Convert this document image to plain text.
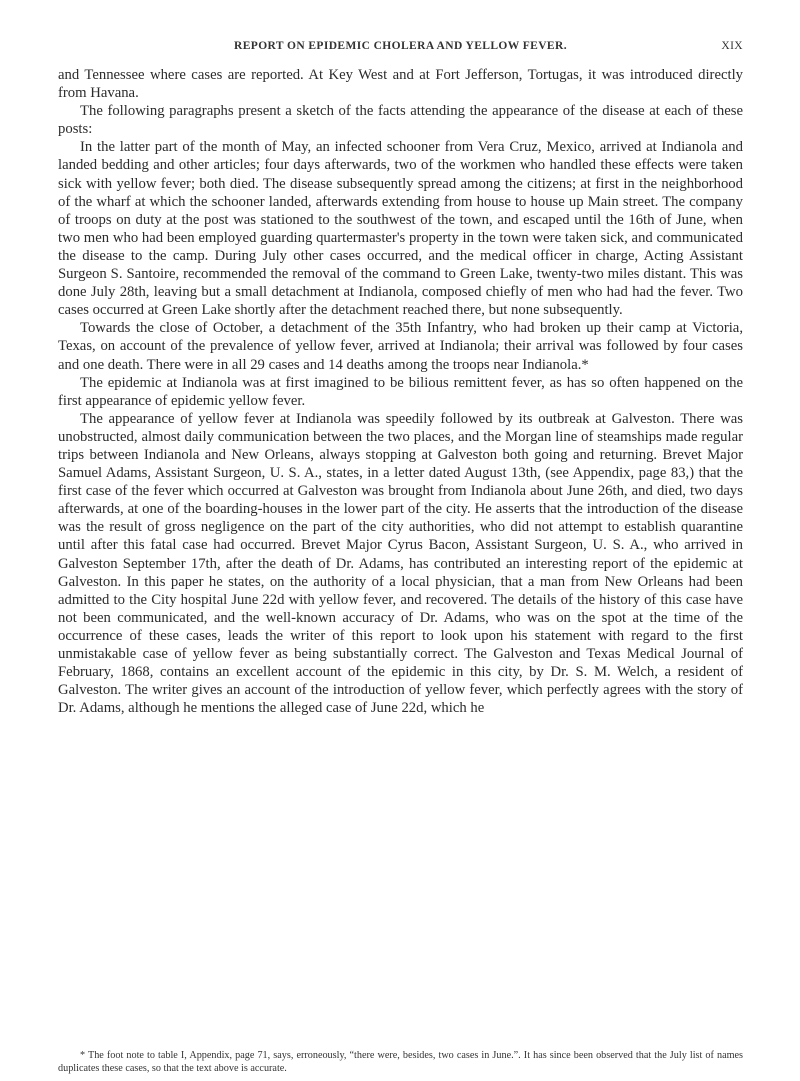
REPORT ON EPIDEMIC CHOLERA AND YELLOW FEVER.	XIX

and Tennessee where cases are reported. At Key West and at Fort Jefferson, Tortugas, it was introduced directly from Havana.

The following paragraphs present a sketch of the facts attending the appearance of the disease at each of these posts:

In the latter part of the month of May, an infected schooner from Vera Cruz, Mexico, arrived at Indianola and landed bedding and other articles; four days afterwards, two of the workmen who handled these effects were taken sick with yellow fever; both died. The disease subsequently spread among the citizens; at first in the neighborhood of the wharf at which the schooner landed, afterwards extending from house to house up Main street. The company of troops on duty at the post was stationed to the southwest of the town, and escaped until the 16th of June, when two men who had been employed guarding quartermaster's property in the town were taken sick, and communicated the disease to the camp. During July other cases occurred, and the medical officer in charge, Acting Assistant Surgeon S. Santoire, recommended the removal of the command to Green Lake, twenty-two miles distant. This was done July 28th, leaving but a small detachment at Indianola, composed chiefly of men who had had the fever. Two cases occurred at Green Lake shortly after the detachment reached there, but none subsequently.

Towards the close of October, a detachment of the 35th Infantry, who had broken up their camp at Victoria, Texas, on account of the prevalence of yellow fever, arrived at Indianola; their arrival was followed by four cases and one death. There were in all 29 cases and 14 deaths among the troops near Indianola.*

The epidemic at Indianola was at first imagined to be bilious remittent fever, as has so often happened on the first appearance of epidemic yellow fever.

The appearance of yellow fever at Indianola was speedily followed by its outbreak at Galveston. There was unobstructed, almost daily communication between the two places, and the Morgan line of steamships made regular trips between Indianola and New Orleans, always stopping at Galveston both going and returning. Brevet Major Samuel Adams, Assistant Surgeon, U. S. A., states, in a letter dated August 13th, (see Appendix, page 83,) that the first case of the fever which occurred at Galveston was brought from Indianola about June 26th, and died, two days afterwards, at one of the boarding-houses in the lower part of the city. He asserts that the introduction of the disease was the result of gross negligence on the part of the city authorities, who did not attempt to establish quarantine until after this fatal case had occurred. Brevet Major Cyrus Bacon, Assistant Surgeon, U. S. A., who arrived in Galveston September 17th, after the death of Dr. Adams, has contributed an interesting report of the epidemic at Galveston. In this paper he states, on the authority of a local physician, that a man from New Orleans had been admitted to the City hospital June 22d with yellow fever, and recovered. The details of the history of this case have not been communicated, and the well-known accuracy of Dr. Adams, who was on the spot at the time of the occurrence of these cases, leads the writer of this report to look upon his statement with regard to the first unmistakable case of yellow fever as being substantially correct. The Galveston and Texas Medical Journal of February, 1868, contains an excellent account of the epidemic in this city, by Dr. S. M. Welch, a resident of Galveston. The writer gives an account of the introduction of yellow fever, which perfectly agrees with the story of Dr. Adams, although he mentions the alleged case of June 22d, which he

* The foot note to table I, Appendix, page 71, says, erroneously, “there were, besides, two cases in June.”. It has since been observed that the July list of names duplicates these cases, so that the text above is accurate.
